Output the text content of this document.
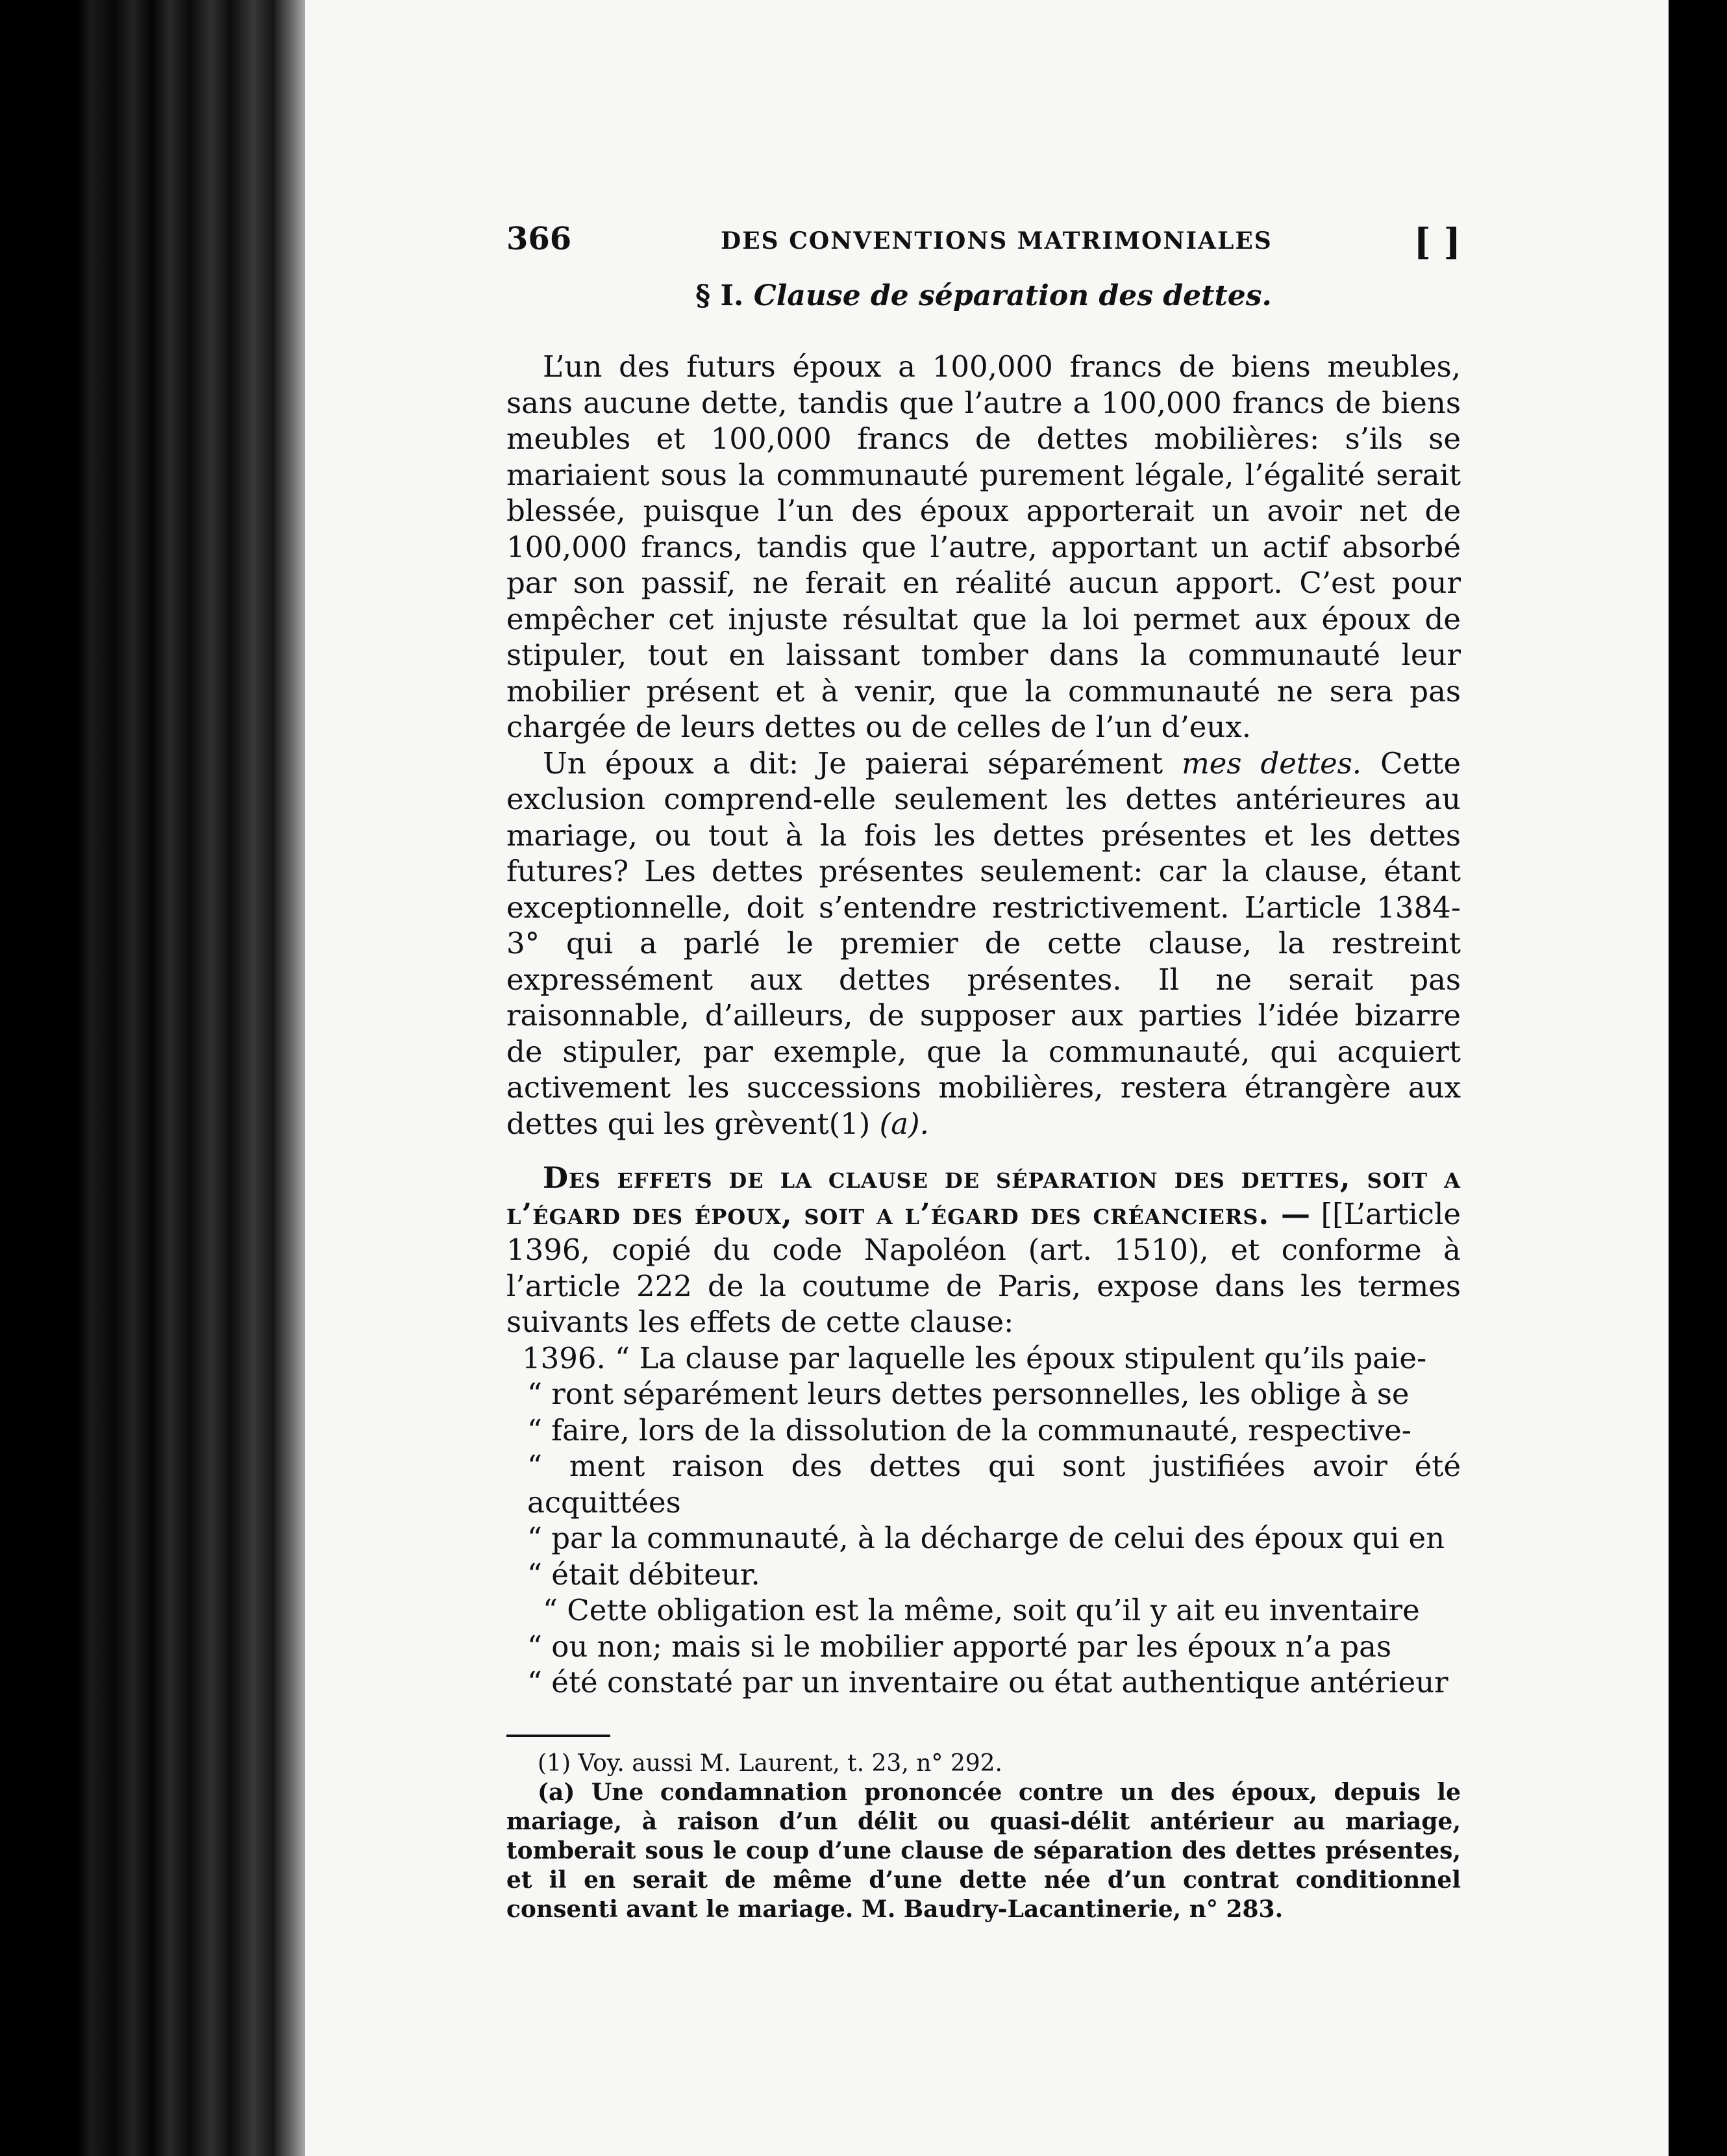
366	DES CONVENTIONS MATRIMONIALES	[ ]
§ I. Clause de séparation des dettes.

L’un des futurs époux a 100,000 francs de biens meubles, sans aucune dette, tandis que l’autre a 100,000 francs de biens meubles et 100,000 francs de dettes mobilières: s’ils se mariaient sous la communauté purement légale, l’égalité serait blessée, puisque l’un des époux apporterait un avoir net de 100,000 francs, tandis que l’autre, apportant un actif absorbé par son passif, ne ferait en réalité aucun apport. C’est pour empêcher cet injuste résultat que la loi permet aux époux de stipuler, tout en laissant tomber dans la communauté leur mobilier présent et à venir, que la communauté ne sera pas chargée de leurs dettes ou de celles de l’un d’eux.

Un époux a dit: Je paierai séparément mes dettes. Cette exclusion comprend-elle seulement les dettes antérieures au mariage, ou tout à la fois les dettes présentes et les dettes futures? Les dettes présentes seulement: car la clause, étant exceptionnelle, doit s’entendre restrictivement. L’article 1384-3° qui a parlé le premier de cette clause, la restreint expressément aux dettes présentes. Il ne serait pas raisonnable, d’ailleurs, de supposer aux parties l’idée bizarre de stipuler, par exemple, que la communauté, qui acquiert activement les successions mobilières, restera étrangère aux dettes qui les grèvent(1) (a).

Des effets de la clause de séparation des dettes, soit a l’égard des époux, soit a l’égard des créanciers. — [[L’article 1396, copié du code Napoléon (art. 1510), et conforme à l’article 222 de la coutume de Paris, expose dans les termes suivants les effets de cette clause:

1396. “ La clause par laquelle les époux stipulent qu’ils paie-

“ ront séparément leurs dettes personnelles, les oblige à se

“ faire, lors de la dissolution de la communauté, respective-

“ ment raison des dettes qui sont justifiées avoir été acquittées

“ par la communauté, à la décharge de celui des époux qui en

“ était débiteur.

“ Cette obligation est la même, soit qu’il y ait eu inventaire

“ ou non; mais si le mobilier apporté par les époux n’a pas

“ été constaté par un inventaire ou état authentique antérieur

(1) Voy. aussi M. Laurent, t. 23, n° 292.

(a) Une condamnation prononcée contre un des époux, depuis le mariage, à raison d’un délit ou quasi-délit antérieur au mariage, tomberait sous le coup d’une clause de séparation des dettes présentes, et il en serait de même d’une dette née d’un contrat conditionnel consenti avant le mariage. M. Baudry-Lacantinerie, n° 283.
